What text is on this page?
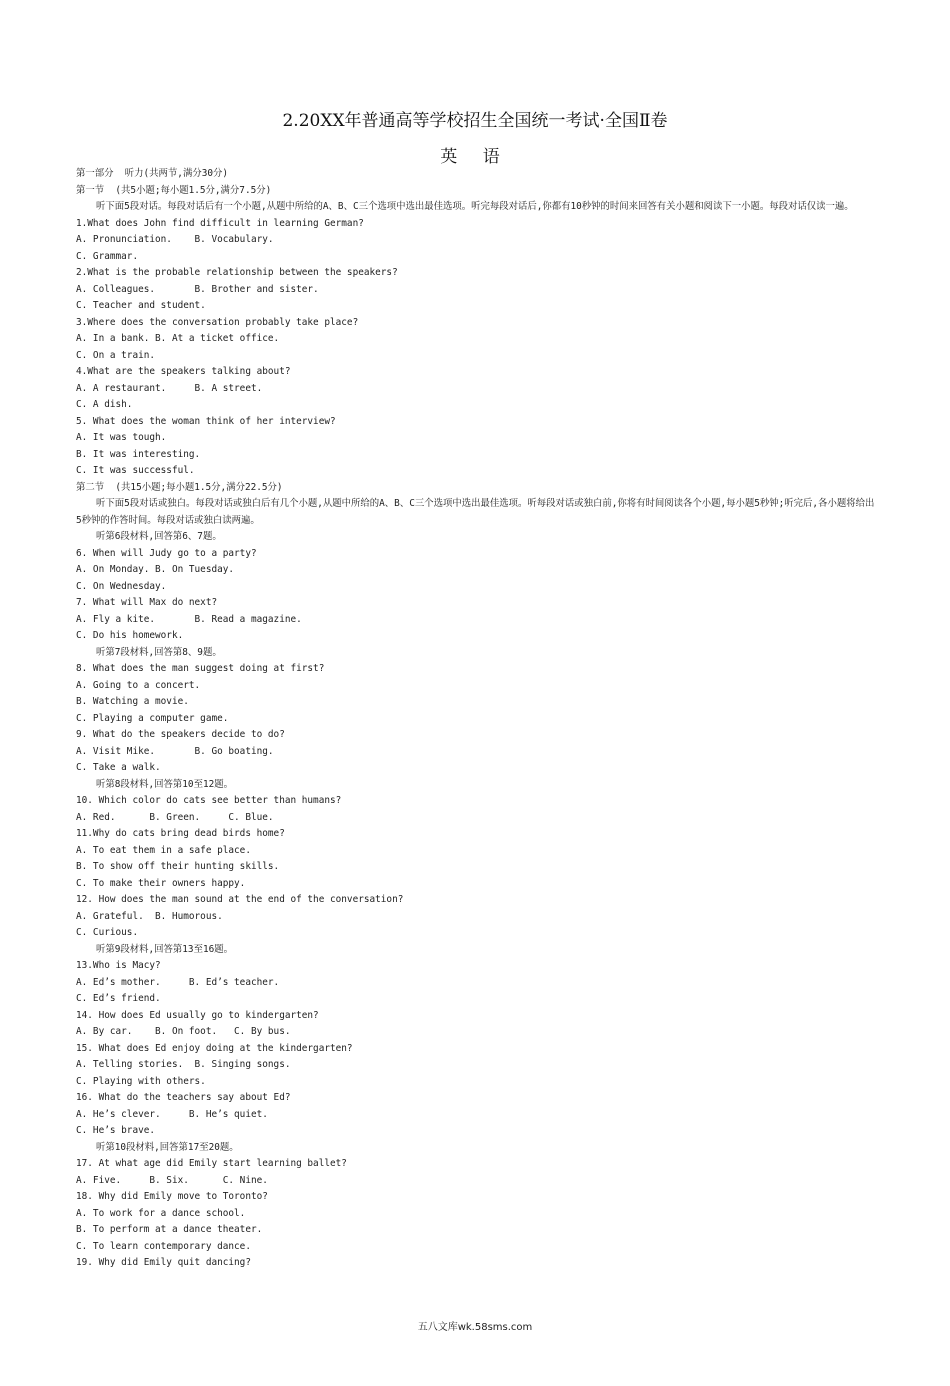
2.20XX年普通高等学校招生全国统一考试·全国Ⅱ卷
英 语
第一部分  听力(共两节,满分30分)
第一节  (共5小题;每小题1.5分,满分7.5分)
听下面5段对话。每段对话后有一个小题,从题中所给的A、B、C三个选项中选出最佳选项。听完每段对话后,你都有10秒钟的时间来回答有关小题和阅读下一小题。每段对话仅读一遍。
1.What does John find difficult in learning German?
A. Pronunciation.    B. Vocabulary.
C. Grammar.
2.What is the probable relationship between the speakers?
A. Colleagues.       B. Brother and sister.
C. Teacher and student.
3.Where does the conversation probably take place?
A. In a bank. B. At a ticket office.
C. On a train.
4.What are the speakers talking about?
A. A restaurant.     B. A street.
C. A dish.
5. What does the woman think of her interview?
A. It was tough.
B. It was interesting.
C. It was successful.
第二节  (共15小题;每小题1.5分,满分22.5分)
听下面5段对话或独白。每段对话或独白后有几个小题,从题中所给的A、B、C三个选项中选出最佳选项。听每段对话或独白前,你将有时间阅读各个小题,每小题5秒钟;听完后,各小题将给出5秒钟的作答时间。每段对话或独白读两遍。
听第6段材料,回答第6、7题。
6. When will Judy go to a party?
A. On Monday. B. On Tuesday.
C. On Wednesday.
7. What will Max do next?
A. Fly a kite.       B. Read a magazine.
C. Do his homework.
听第7段材料,回答第8、9题。
8. What does the man suggest doing at first?
A. Going to a concert.
B. Watching a movie.
C. Playing a computer game.
9. What do the speakers decide to do?
A. Visit Mike.       B. Go boating.
C. Take a walk.
听第8段材料,回答第10至12题。
10. Which color do cats see better than humans?
A. Red.      B. Green.     C. Blue.
11.Why do cats bring dead birds home?
A. To eat them in a safe place.
B. To show off their hunting skills.
C. To make their owners happy.
12. How does the man sound at the end of the conversation?
A. Grateful.  B. Humorous.
C. Curious.
听第9段材料,回答第13至16题。
13.Who is Macy?
A. Ed’s mother.     B. Ed’s teacher.
C. Ed’s friend.
14. How does Ed usually go to kindergarten?
A. By car.    B. On foot.   C. By bus.
15. What does Ed enjoy doing at the kindergarten?
A. Telling stories.  B. Singing songs.
C. Playing with others.
16. What do the teachers say about Ed?
A. He’s clever.     B. He’s quiet.
C. He’s brave.
听第10段材料,回答第17至20题。
17. At what age did Emily start learning ballet?
A. Five.     B. Six.      C. Nine.
18. Why did Emily move to Toronto?
A. To work for a dance school.
B. To perform at a dance theater.
C. To learn contemporary dance.
19. Why did Emily quit dancing?
五八文库wk.58sms.com
